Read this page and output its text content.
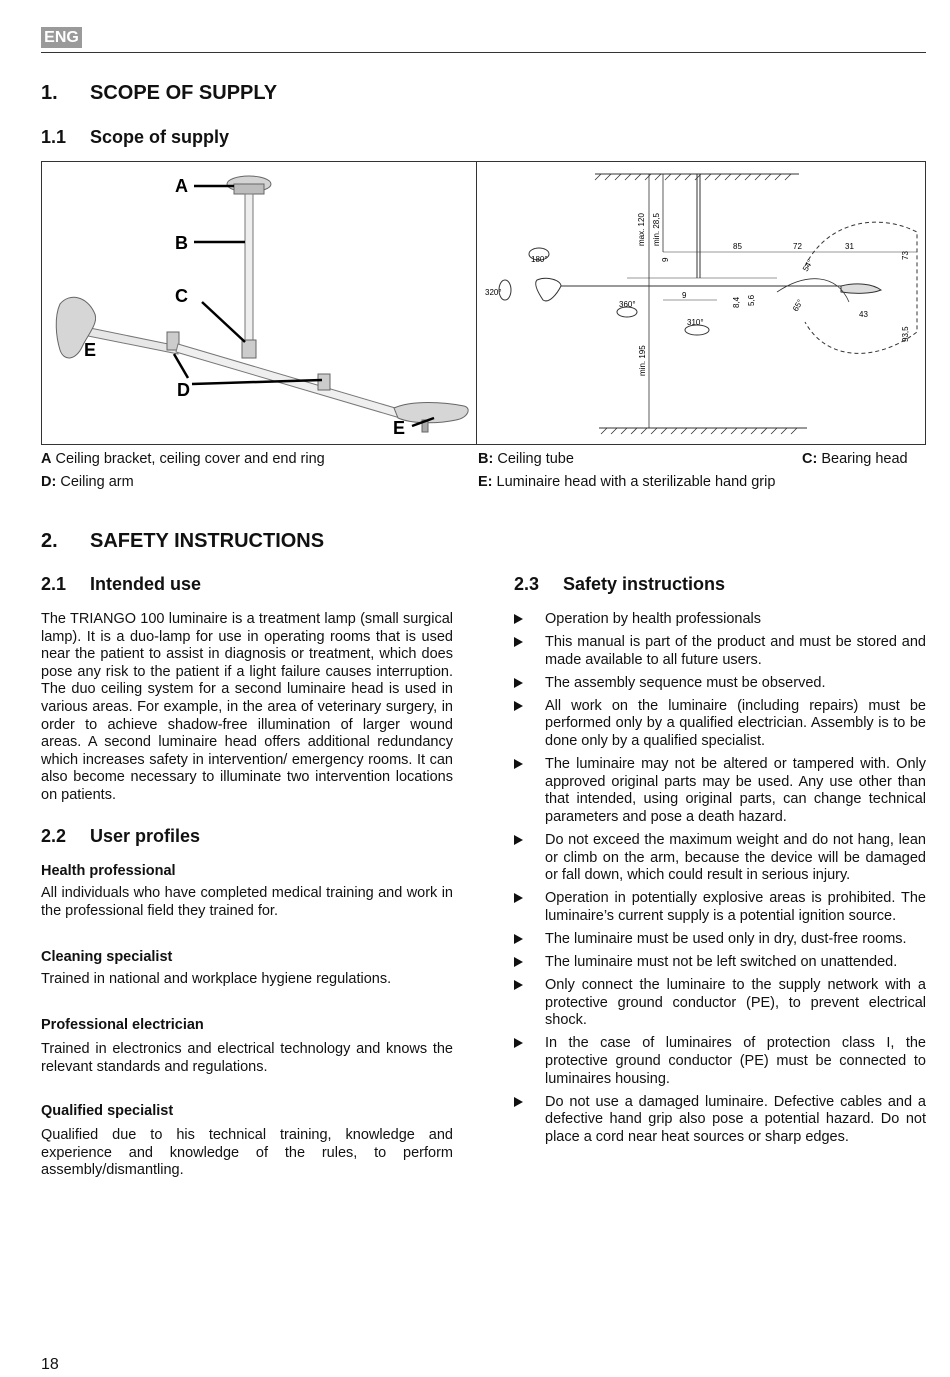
ENG
1. SCOPE OF SUPPLY
1.1 Scope of supply
A
B
C
E
D
E
180°
320°
360°
310°
max. 120 min. 28,5
9
85	72	31
73
9
8,4 5,6
54°
65°
43
93,5
min. 195
A Ceiling bracket, ceiling cover and end ring	B: Ceiling tube	C: Bearing head
D: Ceiling arm	E: Luminaire head with a sterilizable hand grip
2. SAFETY INSTRUCTIONS
2.1 Intended use
The TRIANGO 100 luminaire is a treatment lamp (small surgical lamp). It is a duo-lamp for use in operating rooms that is used near the patient to assist in diagnosis or treatment, which does pose any risk to the patient if a light failure causes interruption. The duo ceiling system for a second luminaire head is used in various areas. For example, in the area of veterinary surgery, in order to achieve shadow-free illumination of larger wound areas. A second luminaire head offers additional redundancy which increases safety in intervention/ emergency rooms. It can also become necessary to illuminate two intervention locations on patients.
2.2 User profiles
Health professional
All individuals who have completed medical training and work in the professional field they trained for.
Cleaning specialist
Trained in national and workplace hygiene regulations.
Professional electrician
Trained in electronics and electrical technology and knows the relevant standards and regulations.
Qualified specialist
Qualified due to his technical training, knowledge and experience and knowledge of the rules, to perform assembly/dismantling.
2.3 Safety instructions
Operation by health professionals
This manual is part of the product and must be stored and made available to all future users.
The assembly sequence must be observed.
All work on the luminaire (including repairs) must be performed only by a qualified electrician. Assembly is to be done only by a qualified specialist.
The luminaire may not be altered or tampered with. Only approved original parts may be used. Any use other than that intended, using original parts, can change technical parameters and pose a death hazard.
Do not exceed the maximum weight and do not hang, lean or climb on the arm, because the device will be damaged or fall down, which could result in serious injury.
Operation in potentially explosive areas is prohibited. The luminaire’s current supply is a potential ignition source.
The luminaire must be used only in dry, dust-free rooms.
The luminaire must not be left switched on unattended.
Only connect the luminaire to the supply network with a protective ground conductor (PE), to prevent electrical shock.
In the case of luminaires of protection class I, the protective ground conductor (PE) must be connected to luminaires housing.
Do not use a damaged luminaire. Defective cables and a defective hand grip also pose a potential hazard. Do not place a cord near heat sources or sharp edges.
18
